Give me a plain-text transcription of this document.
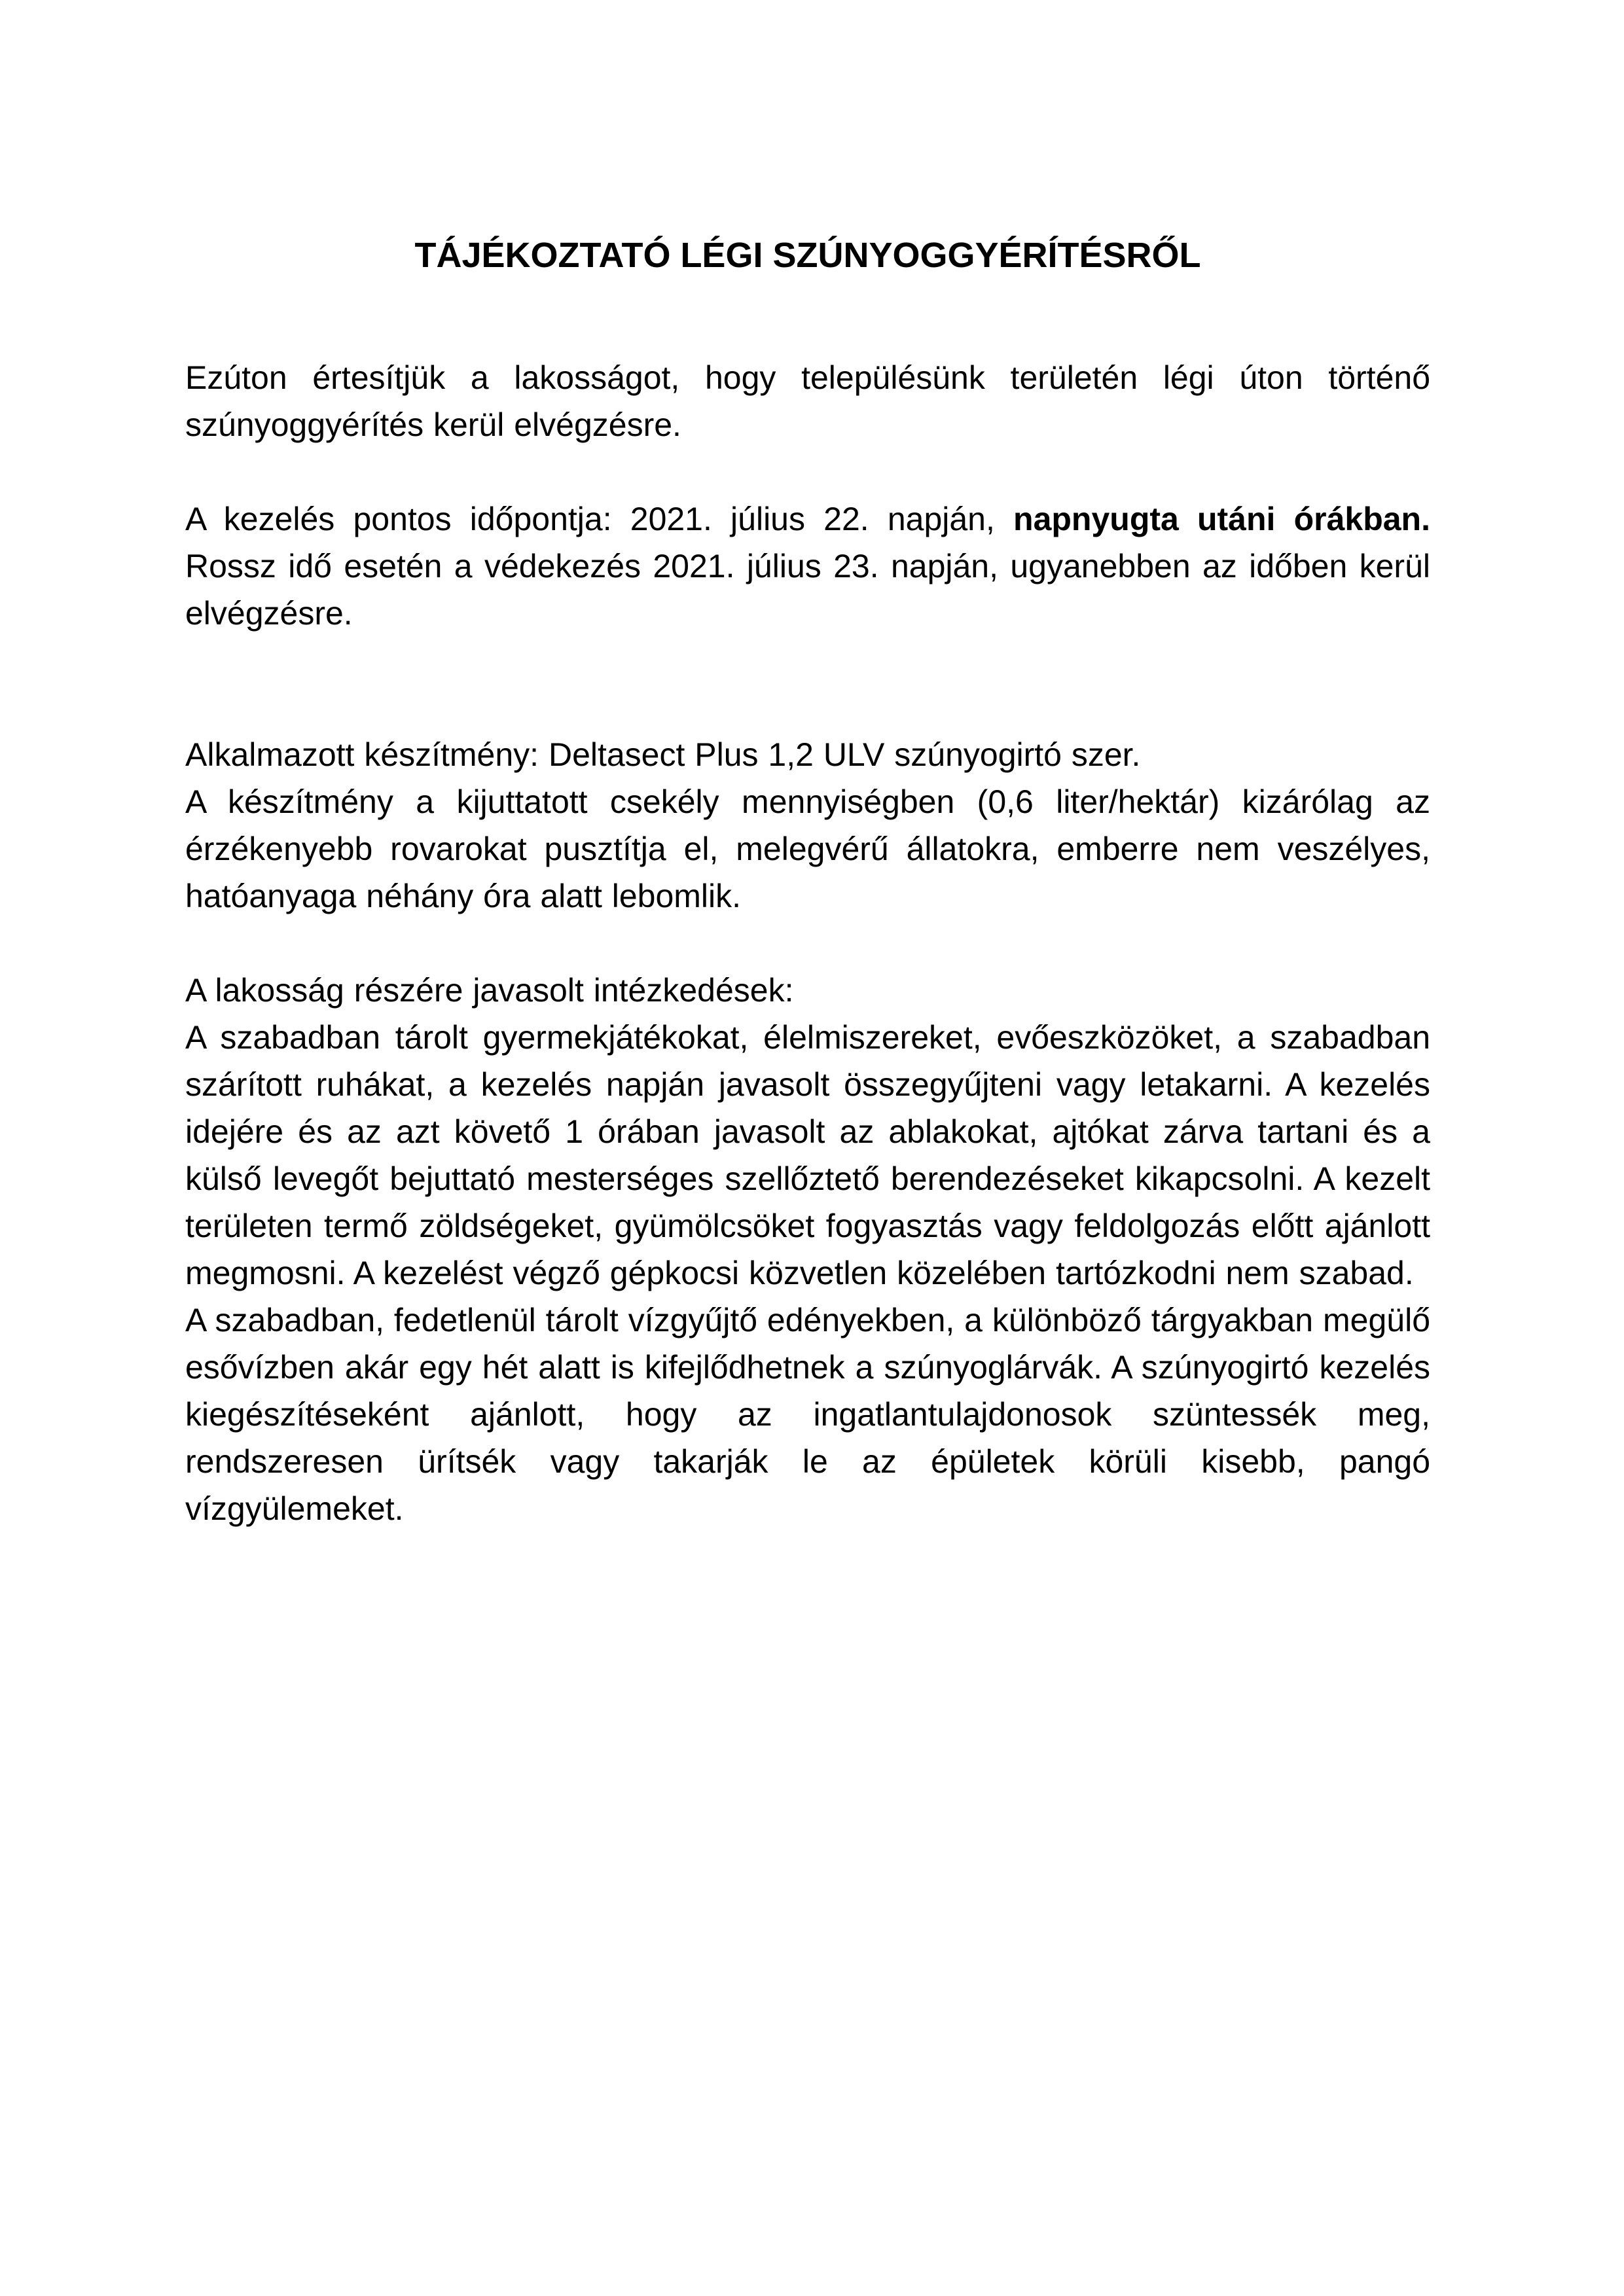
TÁJÉKOZTATÓ LÉGI SZÚNYOGGYÉRÍTÉSRŐL

Ezúton értesítjük a lakosságot, hogy településünk területén légi úton történő szúnyoggyérítés kerül elvégzésre.

A kezelés pontos időpontja: 2021. július 22. napján, napnyugta utáni órákban. Rossz idő esetén a védekezés 2021. július 23. napján, ugyanebben az időben kerül elvégzésre.

Alkalmazott készítmény: Deltasect Plus 1,2 ULV szúnyogirtó szer.

A készítmény a kijuttatott csekély mennyiségben (0,6 liter/hektár) kizárólag az érzékenyebb rovarokat pusztítja el, melegvérű állatokra, emberre nem veszélyes, hatóanyaga néhány óra alatt lebomlik.

A lakosság részére javasolt intézkedések:

A szabadban tárolt gyermekjátékokat, élelmiszereket, evőeszközöket, a szabadban szárított ruhákat, a kezelés napján javasolt összegyűjteni vagy letakarni. A kezelés idejére és az azt követő 1 órában javasolt az ablakokat, ajtókat zárva tartani és a külső levegőt bejuttató mesterséges szellőztető berendezéseket kikapcsolni. A kezelt területen termő zöldségeket, gyümölcsöket fogyasztás vagy feldolgozás előtt ajánlott megmosni. A kezelést végző gépkocsi közvetlen közelében tartózkodni nem szabad.

A szabadban, fedetlenül tárolt vízgyűjtő edényekben, a különböző tárgyakban megülő esővízben akár egy hét alatt is kifejlődhetnek a szúnyoglárvák. A szúnyogirtó kezelés kiegészítéseként ajánlott, hogy az ingatlantulajdonosok szüntessék meg, rendszeresen ürítsék vagy takarják le az épületek körüli kisebb, pangó vízgyülemeket.
